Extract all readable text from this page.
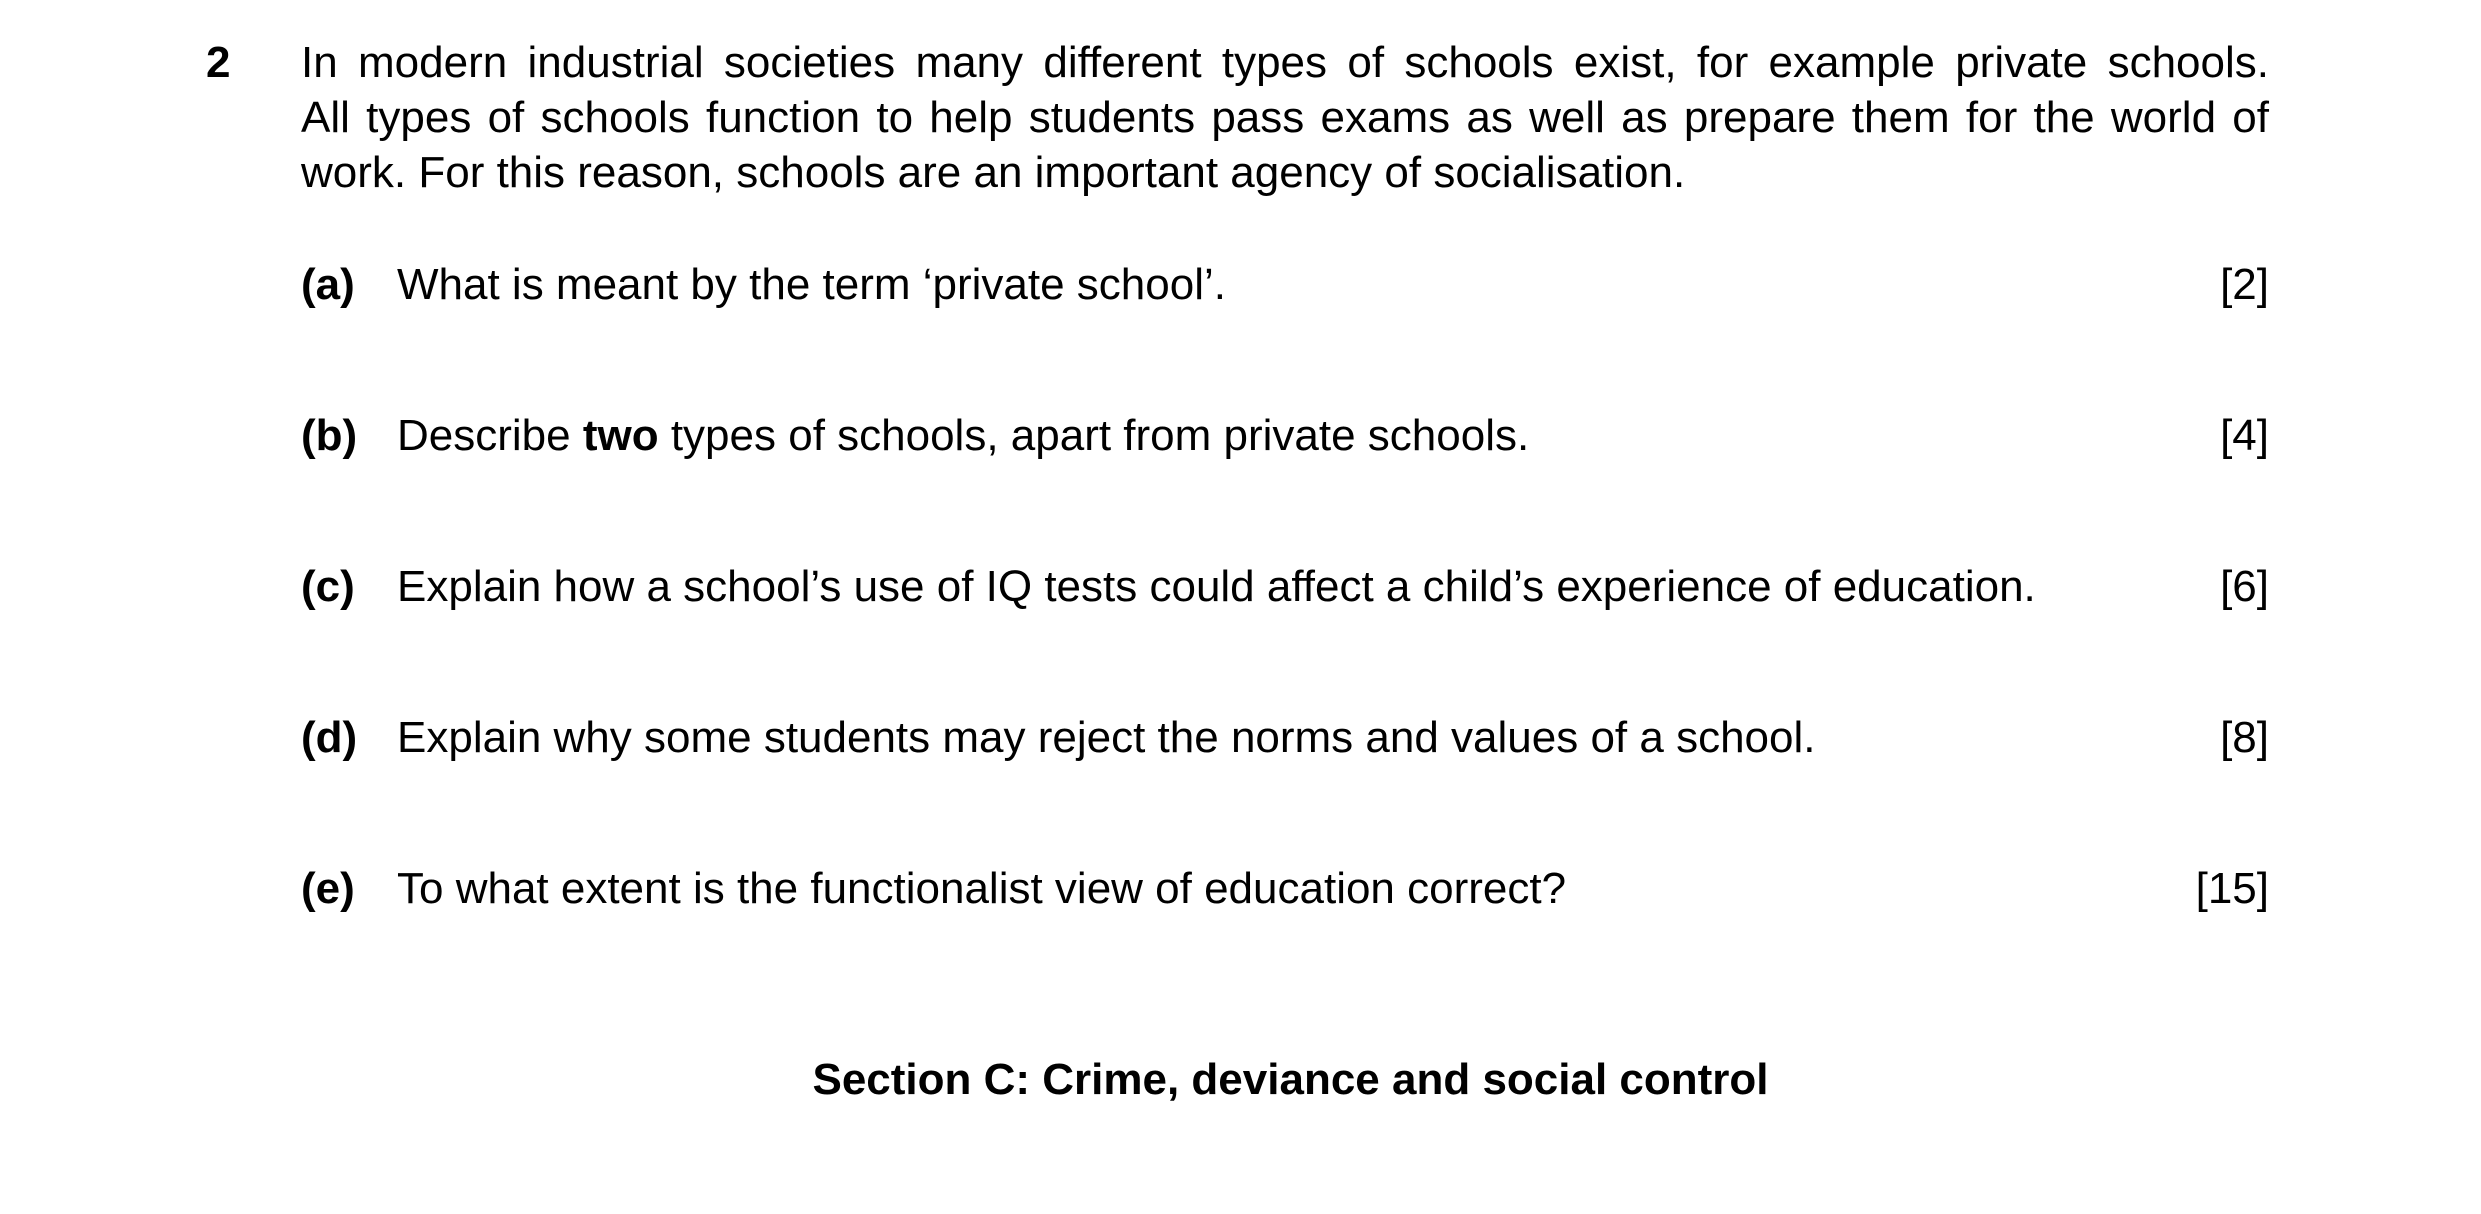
2 In modern industrial societies many different types of schools exist, for example private schools.
All types of schools function to help students pass exams as well as prepare them for the world of
work. For this reason, schools are an important agency of socialisation.
(a) What is meant by the term ‘private school’.	[2]
(b) Describe two types of schools, apart from private schools.	[4]
(c) Explain how a school’s use of IQ tests could affect a child’s experience of education.	[6]
(d) Explain why some students may reject the norms and values of a school.	[8]
(e) To what extent is the functionalist view of education correct?	[15]
Section C: Crime, deviance and social control
